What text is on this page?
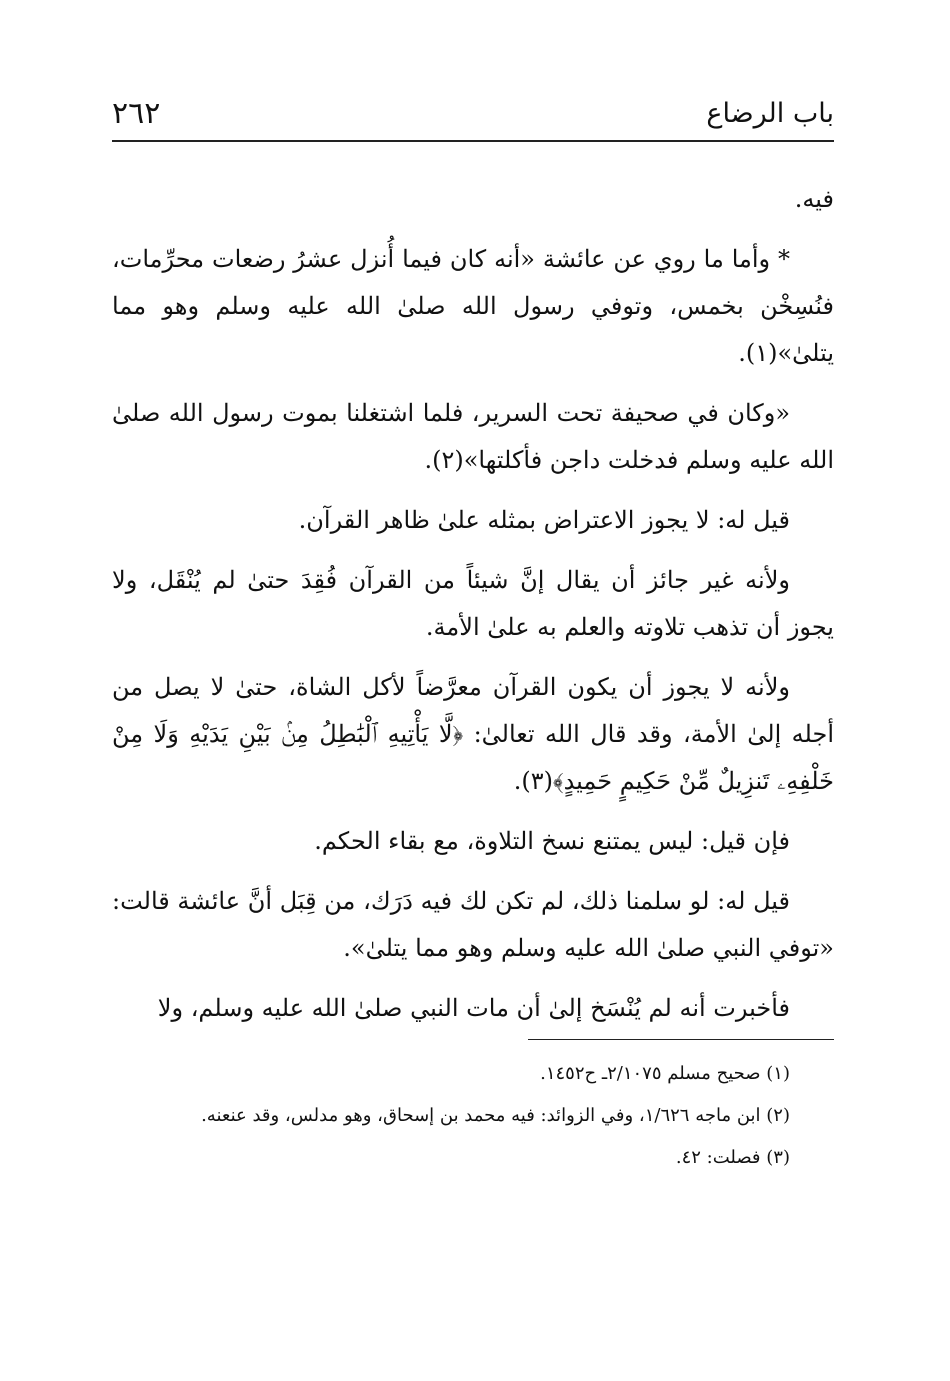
٢٦٢	باب الرضاع

فيه.

* وأما ما روي عن عائشة «أنه كان فيما أُنزل عشرُ رضعات محرِّمات، فنُسِخْن بخمس، وتوفي رسول الله صلىٰ الله عليه وسلم وهو مما يتلىٰ»(١).

«وكان في صحيفة تحت السرير، فلما اشتغلنا بموت رسول الله صلىٰ الله عليه وسلم فدخلت داجن فأكلتها»(٢).

قيل له: لا يجوز الاعتراض بمثله علىٰ ظاهر القرآن.

ولأنه غير جائز أن يقال إنَّ شيئاً من القرآن فُقِدَ حتىٰ لم يُنْقَل، ولا يجوز أن تذهب تلاوته والعلم به علىٰ الأمة.

ولأنه لا يجوز أن يكون القرآن معرَّضاً لأكل الشاة، حتىٰ لا يصل من أجله إلىٰ الأمة، وقد قال الله تعالىٰ: ﴿لَّا يَأْتِيهِ ٱلْبَٰطِلُ مِنۢ بَيْنِ يَدَيْهِ وَلَا مِنْ خَلْفِهِۦ تَنزِيلٌ مِّنْ حَكِيمٍ حَمِيدٍ﴾(٣).

فإن قيل: ليس يمتنع نسخ التلاوة، مع بقاء الحكم.

قيل له: لو سلمنا ذلك، لم تكن لك فيه دَرَك، من قِبَل أنَّ عائشة قالت: «توفي النبي صلىٰ الله عليه وسلم وهو مما يتلىٰ».

فأخبرت أنه لم يُنْسَخ إلىٰ أن مات النبي صلىٰ الله عليه وسلم، ولا

(١) صحيح مسلم ٢/١٠٧٥ـ ح١٤٥٢.

(٢) ابن ماجه ١/٦٢٦، وفي الزوائد: فيه محمد بن إسحاق، وهو مدلس، وقد عنعنه.

(٣) فصلت: ٤٢.
